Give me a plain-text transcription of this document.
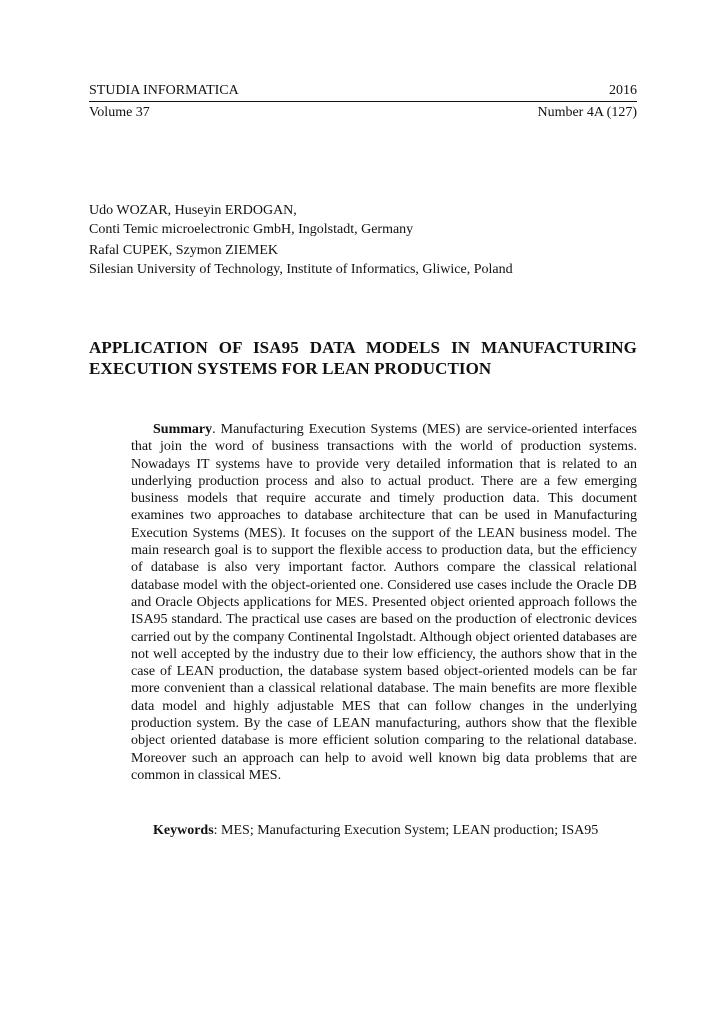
STUDIA INFORMATICA	2016
Volume 37	Number 4A (127)
Udo WOZAR, Huseyin ERDOGAN,
Conti Temic microelectronic GmbH, Ingolstadt, Germany
Rafal CUPEK, Szymon ZIEMEK
Silesian University of Technology, Institute of Informatics, Gliwice, Poland
APPLICATION OF ISA95 DATA MODELS IN MANUFACTURING
EXECUTION SYSTEMS FOR LEAN PRODUCTION

Summary. Manufacturing Execution Systems (MES) are service-oriented interfaces that join the word of business transactions with the world of production systems. Nowadays IT systems have to provide very detailed information that is related to an underlying production process and also to actual product. There are a few emerging business models that require accurate and timely production data. This document examines two approaches to database architecture that can be used in Manufacturing Execution Systems (MES). It focuses on the support of the LEAN business model. The main research goal is to support the flexible access to production data, but the efficiency of database is also very important factor. Authors compare the classical relational database model with the object-oriented one. Considered use cases include the Oracle DB and Oracle Objects applications for MES. Presented object oriented approach follows the ISA95 standard. The practical use cases are based on the production of electronic devices carried out by the company Continental Ingolstadt. Although object oriented databases are not well accepted by the industry due to their low efficiency, the authors show that in the case of LEAN production, the database system based object-oriented models can be far more convenient than a classical relational database. The main benefits are more flexible data model and highly adjustable MES that can follow changes in the underlying production system. By the case of LEAN manufacturing, authors show that the flexible object oriented database is more efficient solution comparing to the relational database. Moreover such an approach can help to avoid well known big data problems that are common in classical MES.

Keywords: MES; Manufacturing Execution System; LEAN production; ISA95
